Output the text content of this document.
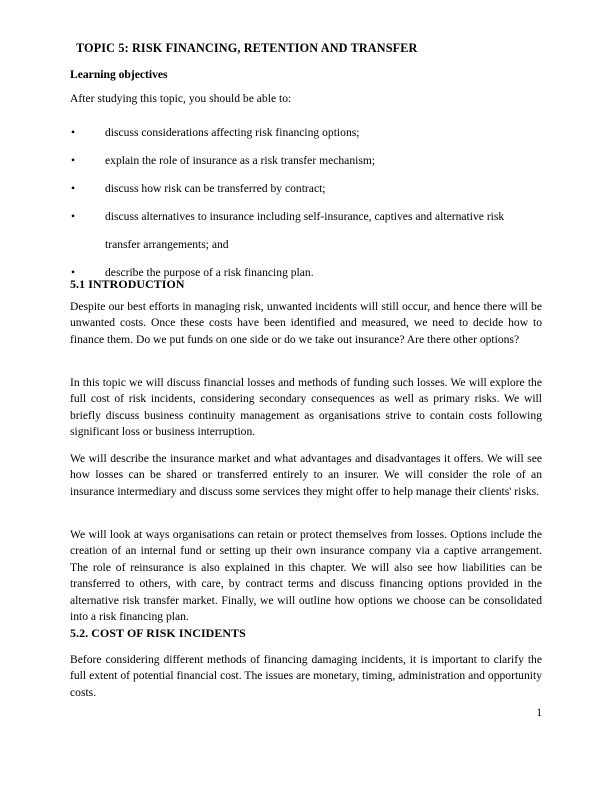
TOPIC 5: RISK FINANCING, RETENTION AND TRANSFER
Learning objectives

After studying this topic, you should be able to:

•	discuss considerations affecting risk financing options;
•	explain the role of insurance as a risk transfer mechanism;
•	discuss how risk can be transferred by contract;
•	discuss alternatives to insurance including self-insurance, captives and alternative risk transfer arrangements; and
•	describe the purpose of a risk financing plan.
5.1 INTRODUCTION

Despite our best efforts in managing risk, unwanted incidents will still occur, and hence there will be unwanted costs. Once these costs have been identified and measured, we need to decide how to finance them. Do we put funds on one side or do we take out insurance? Are there other options?

In this topic we will discuss financial losses and methods of funding such losses. We will explore the full cost of risk incidents, considering secondary consequences as well as primary risks. We will briefly discuss business continuity management as organisations strive to contain costs following significant loss or business interruption.

We will describe the insurance market and what advantages and disadvantages it offers. We will see how losses can be shared or transferred entirely to an insurer. We will consider the role of an insurance intermediary and discuss some services they might offer to help manage their clients' risks.

We will look at ways organisations can retain or protect themselves from losses. Options include the creation of an internal fund or setting up their own insurance company via a captive arrangement. The role of reinsurance is also explained in this chapter. We will also see how liabilities can be transferred to others, with care, by contract terms and discuss financing options provided in the alternative risk transfer market. Finally, we will outline how options we choose can be consolidated into a risk financing plan.

5.2. COST OF RISK INCIDENTS

Before considering different methods of financing damaging incidents, it is important to clarify the full extent of potential financial cost. The issues are monetary, timing, administration and opportunity costs.

1
